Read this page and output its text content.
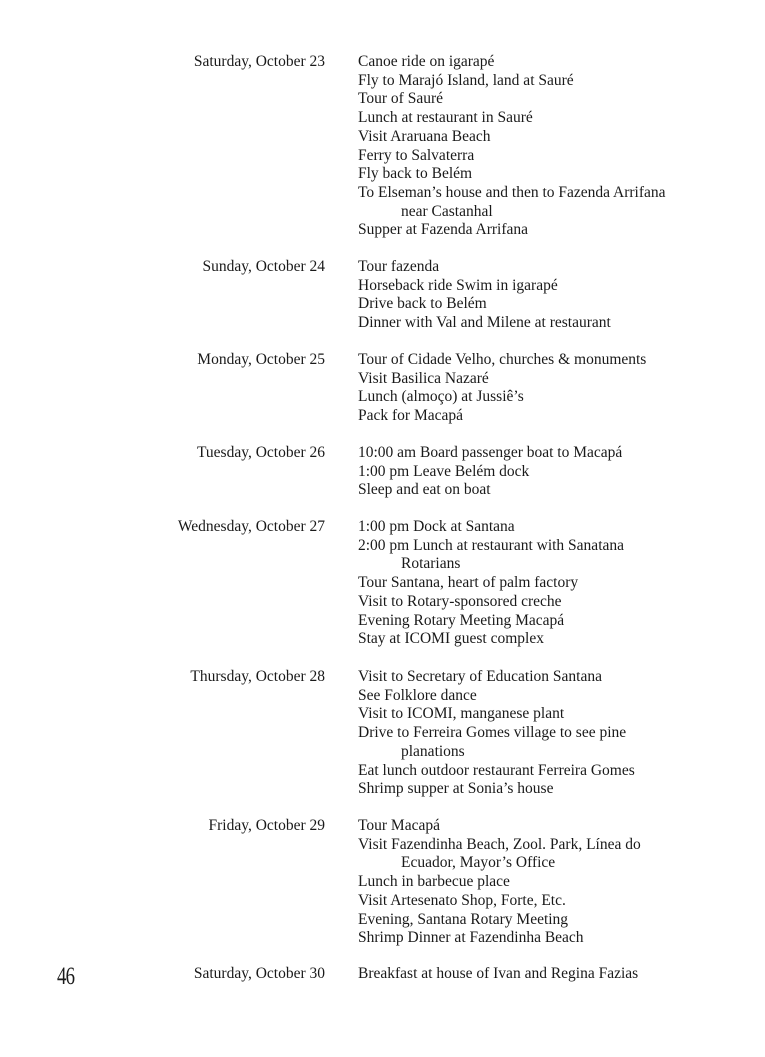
Saturday, October 23 Canoe ride on igarapé
Fly to Marajó Island, land at Sauré
Tour of Sauré
Lunch at restaurant in Sauré
Visit Araruana Beach
Ferry to Salvaterra
Fly back to Belém
To Elseman’s house and then to Fazenda Arrifana
near Castanhal
Supper at Fazenda Arrifana
Sunday, October 24 Tour fazenda
Horseback ride Swim in igarapé
Drive back to Belém
Dinner with Val and Milene at restaurant
Monday, October 25 Tour of Cidade Velho, churches & monuments
Visit Basilica Nazaré
Lunch (almoço) at Jussiê’s
Pack for Macapá
Tuesday, October 26 10:00 am Board passenger boat to Macapá
1:00 pm Leave Belém dock
Sleep and eat on boat
Wednesday, October 27 1:00 pm Dock at Santana
2:00 pm Lunch at restaurant with Sanatana
Rotarians
Tour Santana, heart of palm factory
Visit to Rotary-sponsored creche
Evening Rotary Meeting Macapá
Stay at ICOMI guest complex
Thursday, October 28 Visit to Secretary of Education Santana
See Folklore dance
Visit to ICOMI, manganese plant
Drive to Ferreira Gomes village to see pine
planations
Eat lunch outdoor restaurant Ferreira Gomes
Shrimp supper at Sonia’s house
Friday, October 29 Tour Macapá
Visit Fazendinha Beach, Zool. Park, Línea do
Ecuador, Mayor’s Office
Lunch in barbecue place
Visit Artesenato Shop, Forte, Etc.
Evening, Santana Rotary Meeting
Shrimp Dinner at Fazendinha Beach
Saturday, October 30 Breakfast at house of Ivan and Regina Fazias
46
